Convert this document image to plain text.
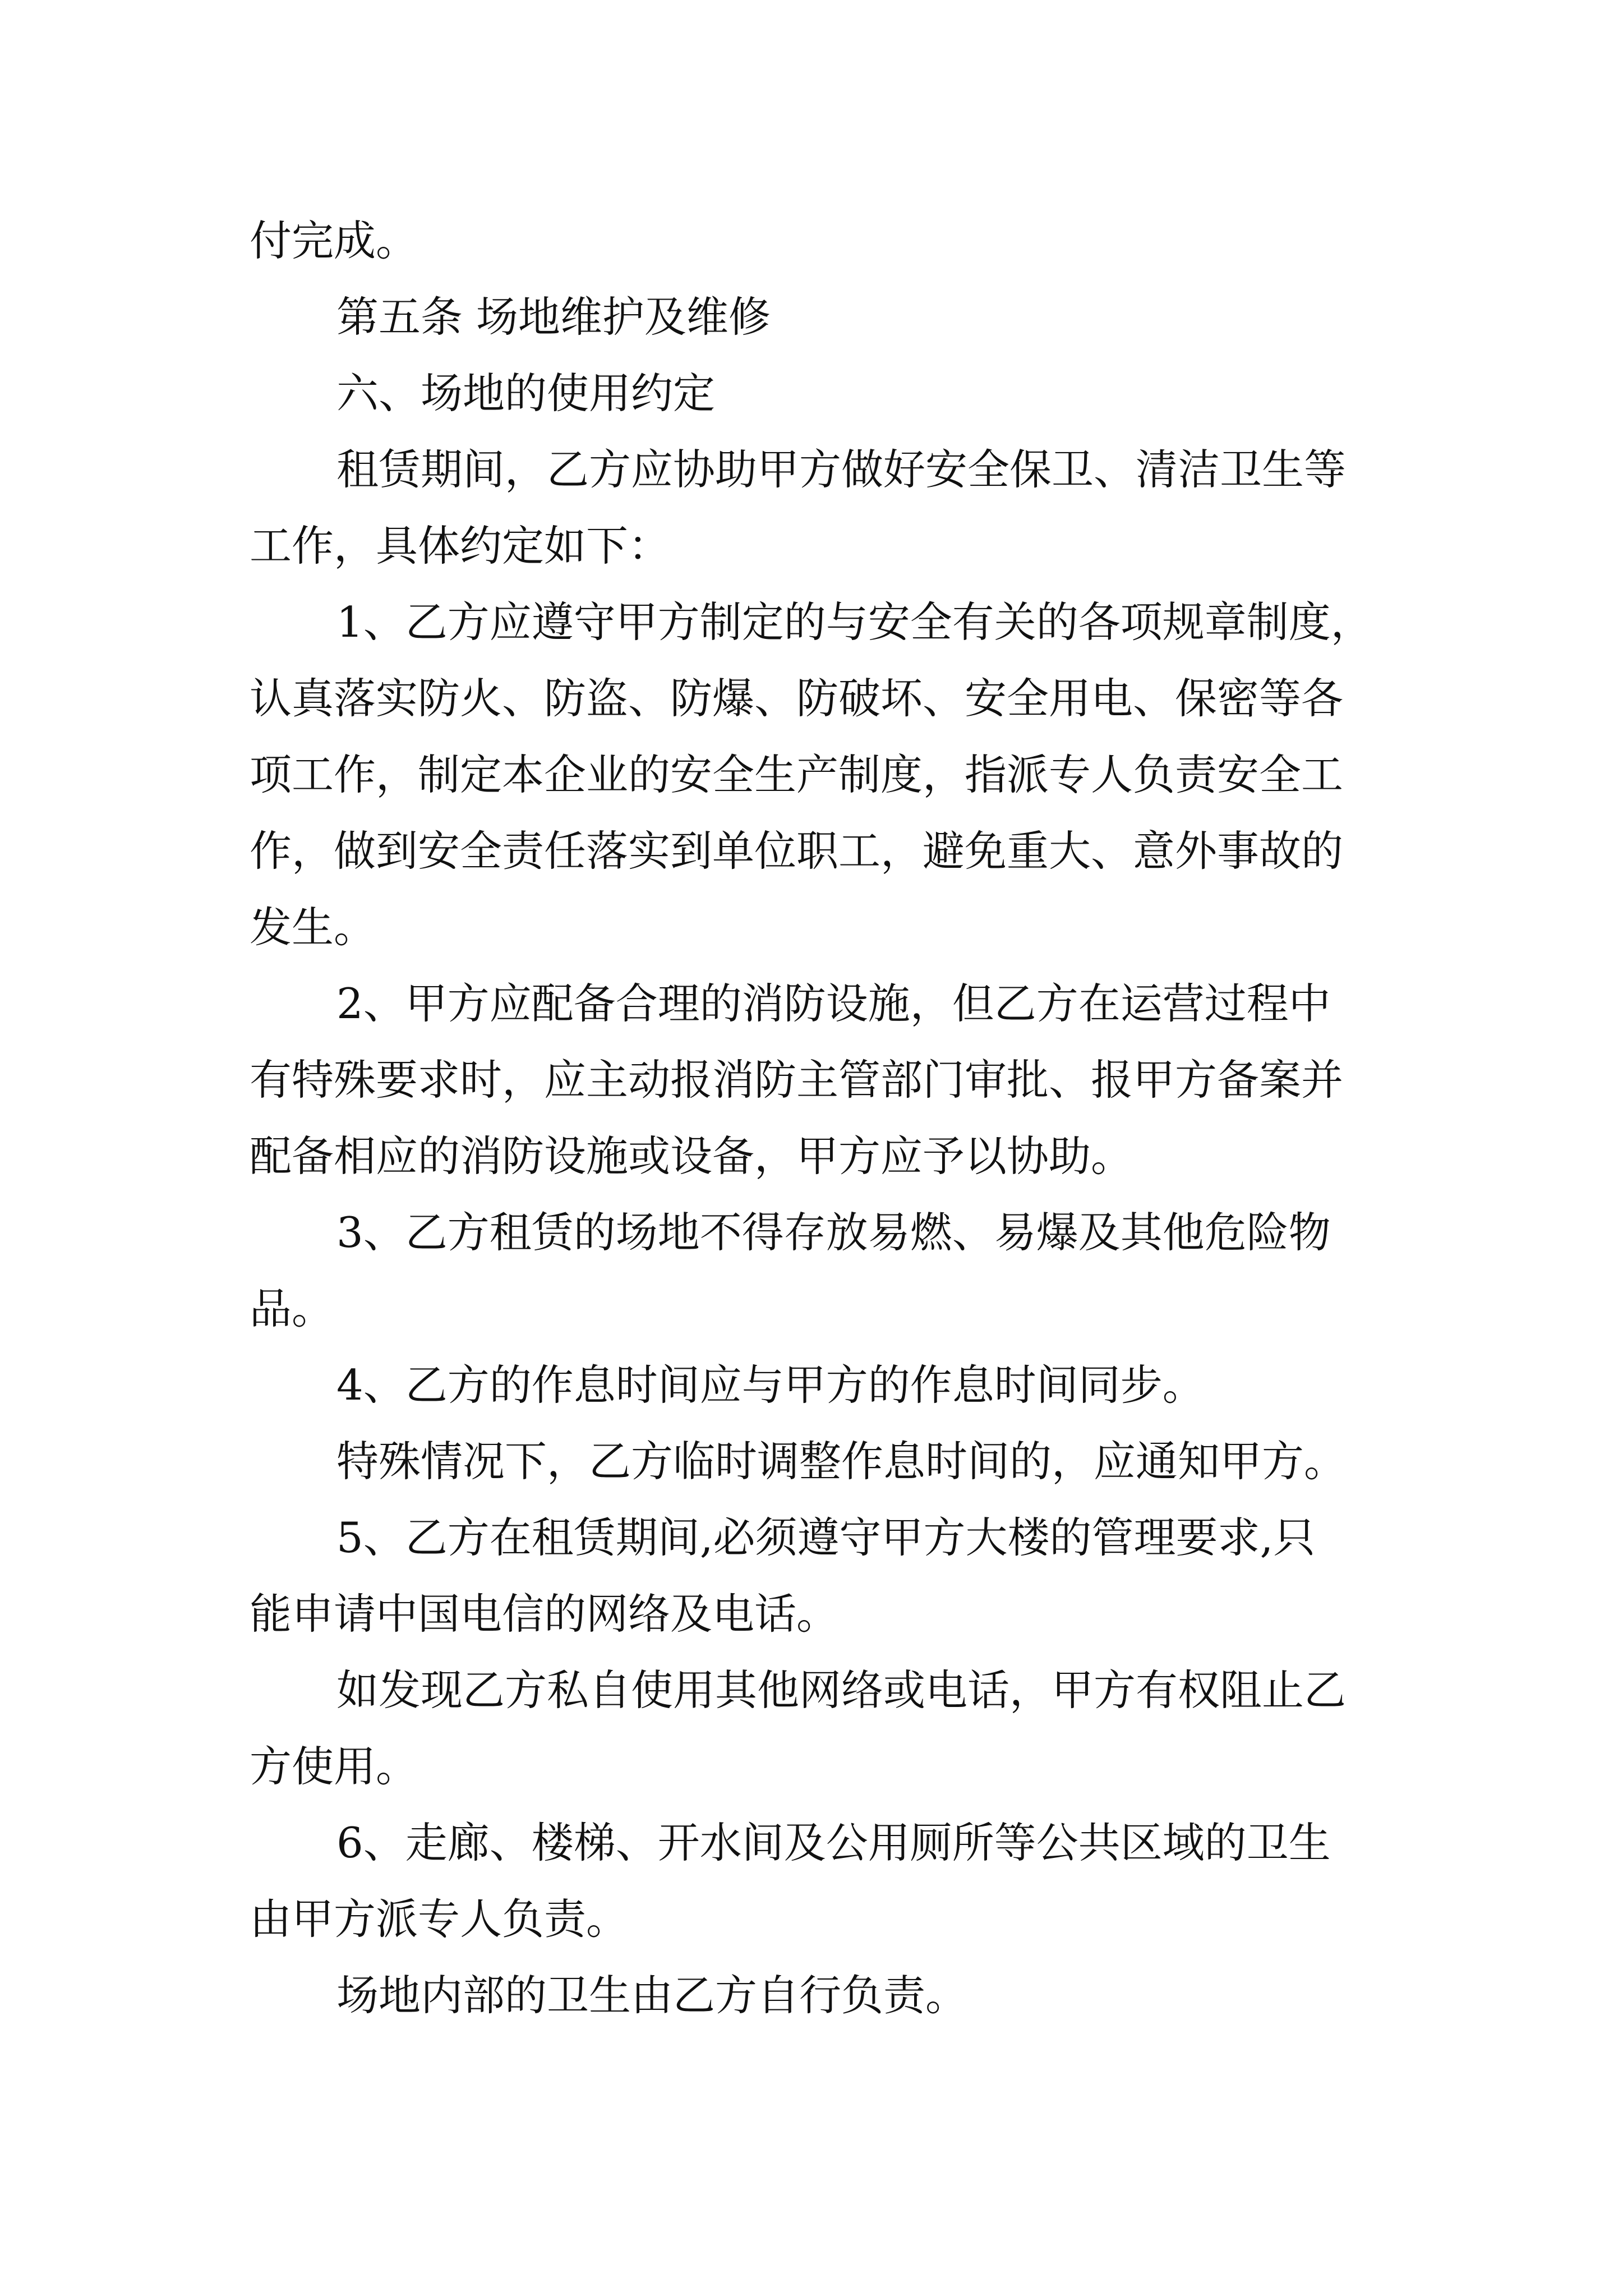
付完成。
第五条 场地维护及维修
六、场地的使用约定
租赁期间，乙方应协助甲方做好安全保卫、清洁卫生等
工作，具体约定如下：
1、乙方应遵守甲方制定的与安全有关的各项规章制度，
认真落实防火、防盗、防爆、防破坏、安全用电、保密等各
项工作，制定本企业的安全生产制度，指派专人负责安全工
作，做到安全责任落实到单位职工，避免重大、意外事故的
发生。
2、甲方应配备合理的消防设施，但乙方在运营过程中
有特殊要求时，应主动报消防主管部门审批、报甲方备案并
配备相应的消防设施或设备，甲方应予以协助。
3、乙方租赁的场地不得存放易燃、易爆及其他危险物
品。
4、乙方的作息时间应与甲方的作息时间同步。
特殊情况下，乙方临时调整作息时间的，应通知甲方。
5、乙方在租赁期间,必须遵守甲方大楼的管理要求,只
能申请中国电信的网络及电话。
如发现乙方私自使用其他网络或电话，甲方有权阻止乙
方使用。
6、走廊、楼梯、开水间及公用厕所等公共区域的卫生
由甲方派专人负责。
场地内部的卫生由乙方自行负责。
